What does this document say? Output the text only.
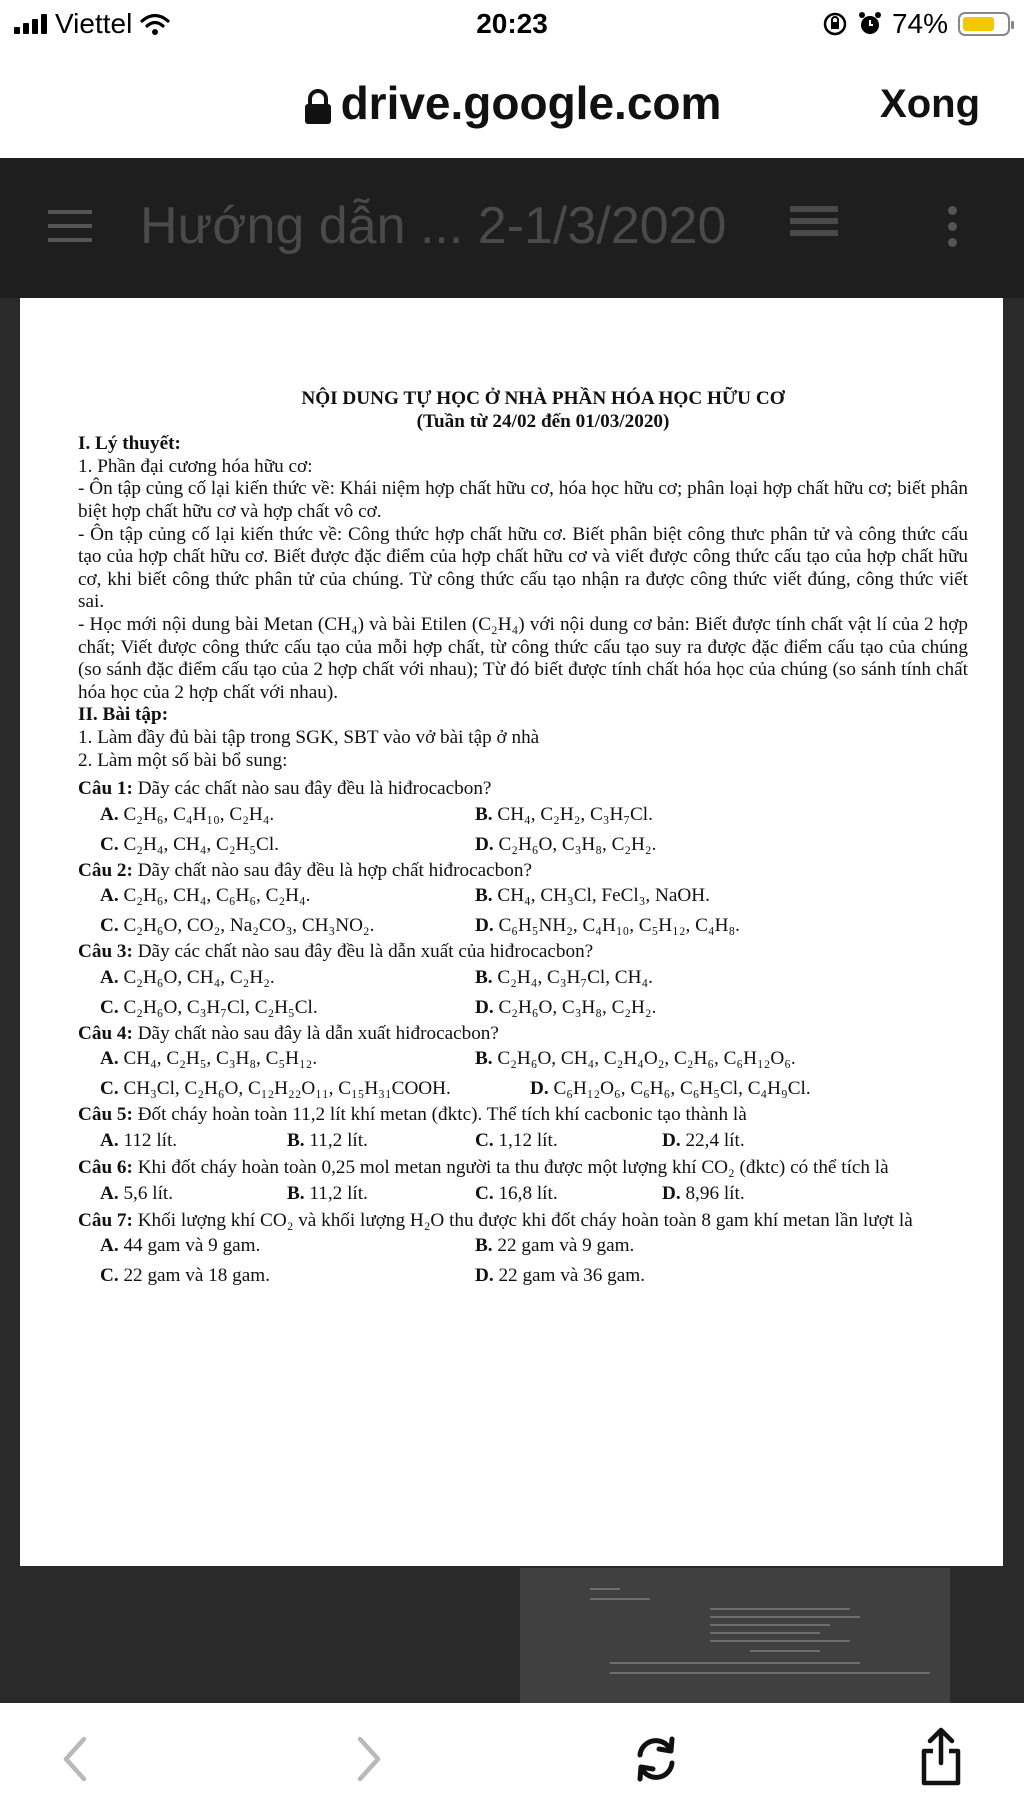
Viettel	20:23	74%
drive.google.com	Xong
Hướng dẫn ... 2-1/3/2020
NỘI DUNG TỰ HỌC Ở NHÀ PHẦN HÓA HỌC HỮU CƠ
(Tuần từ 24/02 đến 01/03/2020)
I. Lý thuyết:
1. Phần đại cương hóa hữu cơ:
- Ôn tập củng cố lại kiến thức về: Khái niệm hợp chất hữu cơ, hóa học hữu cơ; phân loại hợp chất hữu cơ; biết phân biệt hợp chất hữu cơ và hợp chất vô cơ.
- Ôn tập củng cố lại kiến thức về: Công thức hợp chất hữu cơ. Biết phân biệt công thưc phân tử và công thức cấu tạo của hợp chất hữu cơ. Biết được đặc điểm của hợp chất hữu cơ và viết được công thức cấu tạo của hợp chất hữu cơ, khi biết công thức phân tử của chúng. Từ công thức cấu tạo nhận ra được công thức viết đúng, công thức viết sai.
- Học mới nội dung bài Metan (CH₄) và bài Etilen (C₂H₄) với nội dung cơ bản: Biết được tính chất vật lí của 2 hợp chất; Viết được công thức cấu tạo của mỗi hợp chất, từ công thức cấu tạo suy ra được đặc điểm cấu tạo của chúng (so sánh đặc điểm cấu tạo của 2 hợp chất với nhau); Từ đó biết được tính chất hóa học của chúng (so sánh tính chất hóa học của 2 hợp chất với nhau).
II. Bài tập:
1. Làm đầy đủ bài tập trong SGK, SBT vào vở bài tập ở nhà
2. Làm một số bài bổ sung:
Câu 1: Dãy các chất nào sau đây đều là hiđrocacbon?
A. C₂H₆, C₄H₁₀, C₂H₄.	B. CH₄, C₂H₂, C₃H₇Cl.
C. C₂H₄, CH₄, C₂H₅Cl.	D. C₂H₆O, C₃H₈, C₂H₂.
Câu 2: Dãy chất nào sau đây đều là hợp chất hiđrocacbon?
A. C₂H₆, CH₄, C₆H₆, C₂H₄.	B. CH₄, CH₃Cl, FeCl₃, NaOH.
C. C₂H₆O, CO₂, Na₂CO₃, CH₃NO₂.	D. C₆H₅NH₂, C₄H₁₀, C₅H₁₂, C₄H₈.
Câu 3: Dãy các chất nào sau đây đều là dẫn xuất của hiđrocacbon?
A. C₂H₆O, CH₄, C₂H₂.	B. C₂H₄, C₃H₇Cl, CH₄.
C. C₂H₆O, C₃H₇Cl, C₂H₅Cl.	D. C₂H₆O, C₃H₈, C₂H₂.
Câu 4: Dãy chất nào sau đây là dẫn xuất hiđrocacbon?
A. CH₄, C₂H₅, C₃H₈, C₅H₁₂.	B. C₂H₆O, CH₄, C₂H₄O₂, C₂H₆, C₆H₁₂O₆.
C. CH₃Cl, C₂H₆O, C₁₂H₂₂O₁₁, C₁₅H₃₁COOH.	D. C₆H₁₂O₆, C₆H₆, C₆H₅Cl, C₄H₉Cl.
Câu 5: Đốt cháy hoàn toàn 11,2 lít khí metan (đktc). Thể tích khí cacbonic tạo thành là
A. 112 lít.	B. 11,2 lít.	C. 1,12 lít.	D. 22,4 lít.
Câu 6: Khi đốt cháy hoàn toàn 0,25 mol metan người ta thu được một lượng khí CO₂ (đktc) có thể tích là
A. 5,6 lít.	B. 11,2 lít.	C. 16,8 lít.	D. 8,96 lít.
Câu 7: Khối lượng khí CO₂ và khối lượng H₂O thu được khi đốt cháy hoàn toàn 8 gam khí metan lần lượt là
A. 44 gam và 9 gam.	B. 22 gam và 9 gam.
C. 22 gam và 18 gam.	D. 22 gam và 36 gam.
